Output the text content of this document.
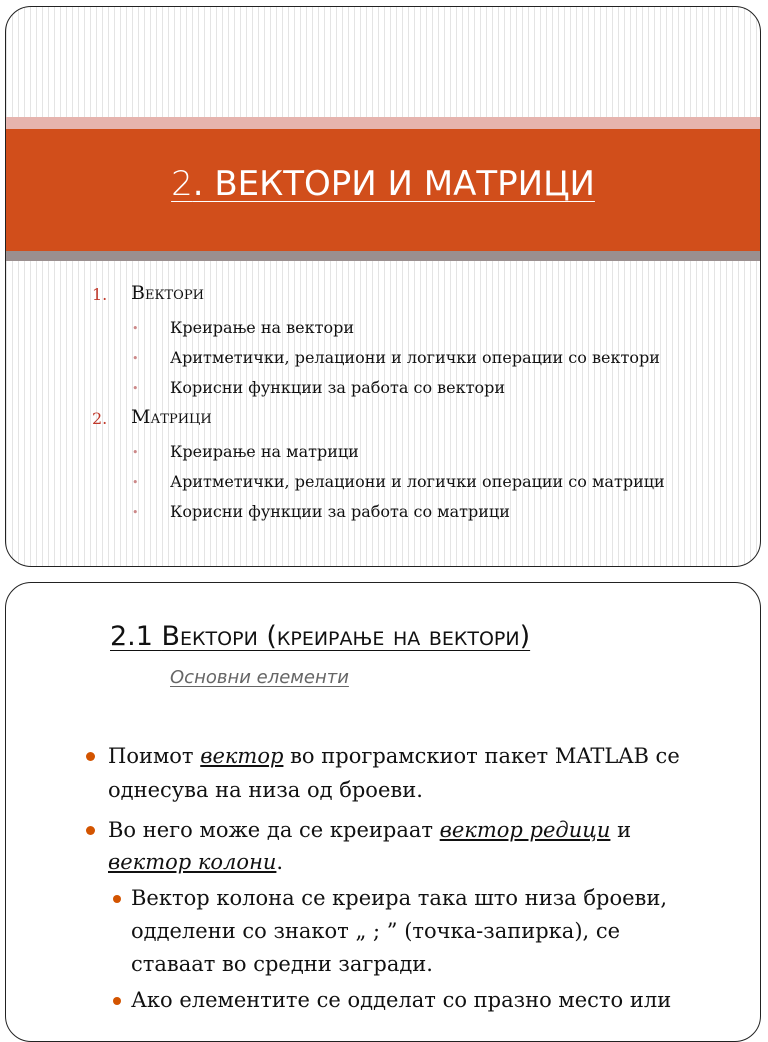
2. ВЕКТОРИ И МАТРИЦИ
1. Вектори
• Креирање на вектори
• Аритметички, релациони и логички операции со вектори
• Корисни функции за работа со вектори
2. Матрици
• Креирање на матрици
• Аритметички, релациони и логички операции со матрици
• Корисни функции за работа со матрици
2.1 Вектори (креирање на вектори)
Основни елементи
Поимот вектор во програмскиот пакет MATLAB се
однесува на низа од броеви.
Во него може да се креираат вектор редици и
вектор колони.
Вектор колона се креира така што низа броеви,
одделени со знакот „ ; ” (точка-запирка), се
ставаат во средни загради.
Ако елементите се одделат со празно место или
